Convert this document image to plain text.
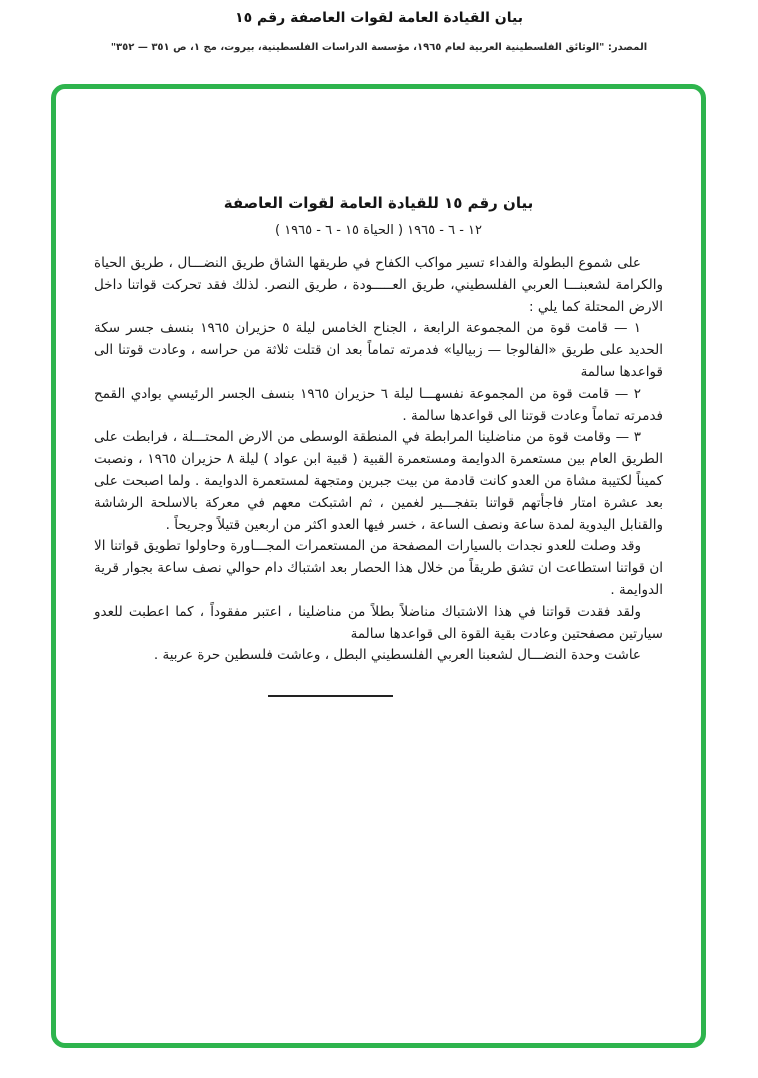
بيان القيادة العامة لقوات العاصفة رقم ١٥
المصدر: "الوثائق الفلسطينية العربية لعام ١٩٦٥، مؤسسة الدراسات الفلسطينية، بيروت، مج ١، ص ٣٥١ — ٣٥٢"
بيان رقم ١٥ للقيادة العامة لقوات العاصفة
١٢ - ٦ - ١٩٦٥ ( الحياة ١٥ - ٦ - ١٩٦٥ )

على شموع البطولة والفداء تسير مواكب الكفاح في طريقها الشاق طريق النضـــال ، طريق الحياة والكرامة لشعبنـــا العربي الفلسطيني، طريق العـــــودة ، طريق النصر. لذلك فقد تحركت قواتنا داخل الارض المحتلة كما يلي :

١ — قامت قوة من المجموعة الرابعة ، الجناح الخامس ليلة ٥ حزيران ١٩٦٥ بنسف جسر سكة الحديد على طريق «الفالوجا — زبياليا» فدمرته تماماً بعد ان قتلت ثلاثة من حراسه ، وعادت قوتنا الى قواعدها سالمة

٢ — قامت قوة من المجموعة نفسهـــا ليلة ٦ حزيران ١٩٦٥ بنسف الجسر الرئيسي بوادي القمح فدمرته تماماً وعادت قوتنا الى قواعدها سالمة .

٣ — وقامت قوة من مناضلينا المرابطة في المنطقة الوسطى من الارض المحتـــلة ، فرابطت على الطريق العام بين مستعمرة الدوايمة ومستعمرة القبية ( قبية ابن عواد ) ليلة ٨ حزيران ١٩٦٥ ، ونصبت كميناً لكتيبة مشاة من العدو كانت قادمة من بيت جبرين ومتجهة لمستعمرة الدوايمة . ولما اصبحت على بعد عشرة امتار فاجأتهم قواتنا بتفجـــير لغمين ، ثم اشتبكت معهم في معركة بالاسلحة الرشاشة والقنابل اليدوية لمدة ساعة ونصف الساعة ، خسر فيها العدو اكثر من اربعين قتيلاً وجريحاً .

وقد وصلت للعدو نجدات بالسيارات المصفحة من المستعمرات المجـــاورة وحاولوا تطويق قواتنا الا ان قواتنا استطاعت ان تشق طريقاً من خلال هذا الحصار بعد اشتباك دام حوالي نصف ساعة بجوار قرية الدوايمة .

ولقد فقدت قواتنا في هذا الاشتباك مناضلاً بطلاً من مناضلينا ، اعتبر مفقوداً ، كما اعطبت للعدو سيارتين مصفحتين وعادت بقية القوة الى قواعدها سالمة

عاشت وحدة النضـــال لشعبنا العربي الفلسطيني البطل ، وعاشت فلسطين حرة عربية .
